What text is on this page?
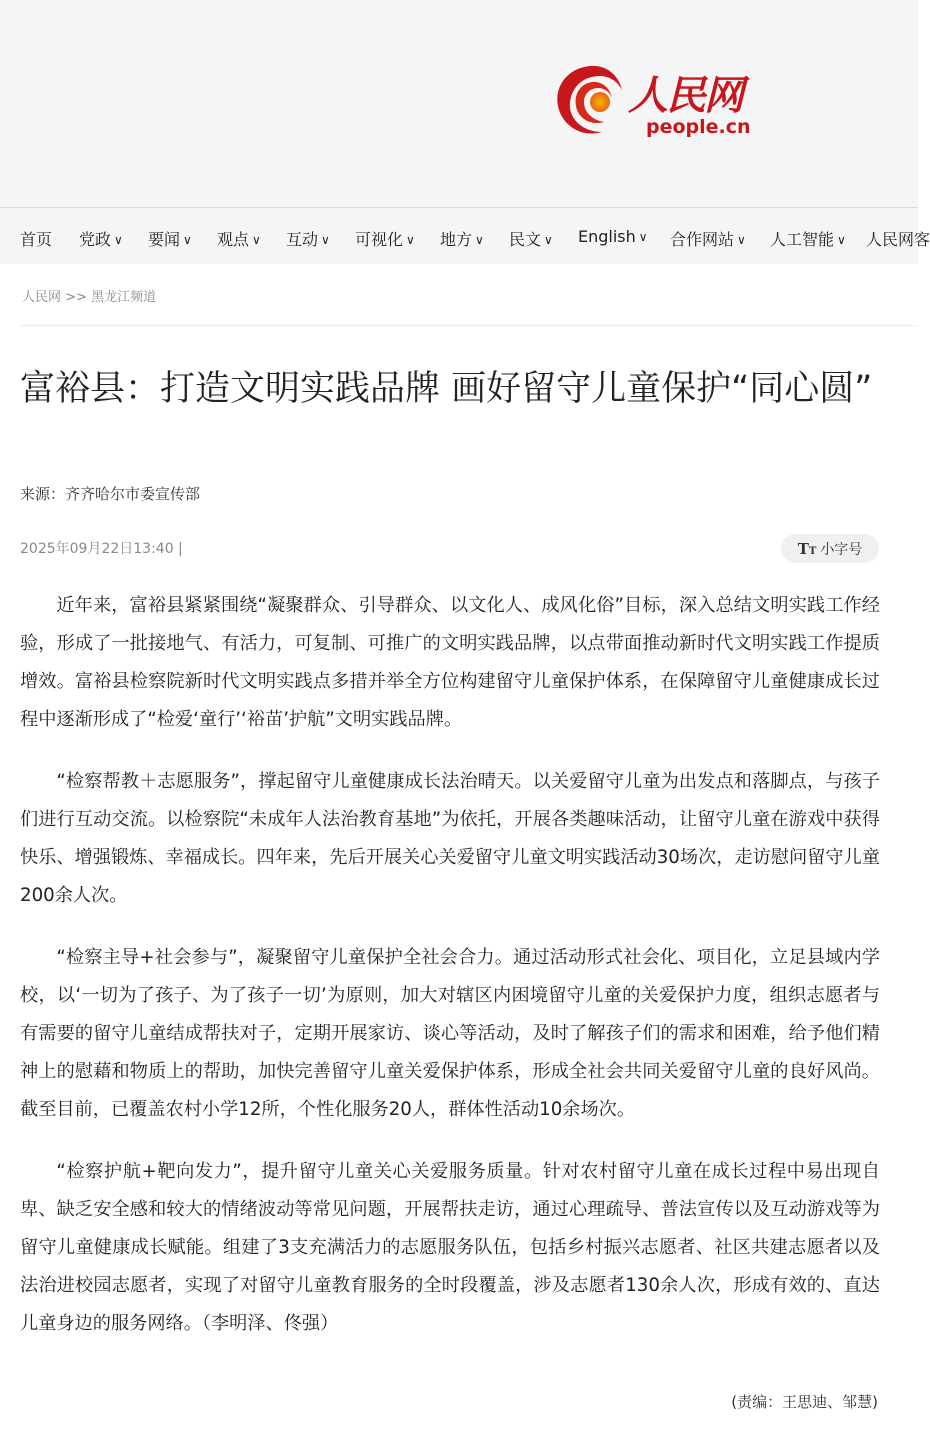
人民网
people.cn
首页 党政 ∨ 要闻 ∨ 观点 ∨ 互动 ∨ 可视化 ∨ 地方 ∨ 民文 ∨ English ∨ 合作网站 ∨ 人工智能 ∨ 人民网客
人民网 >> 黑龙江频道
富裕县：打造文明实践品牌 画好留守儿童保护“同心圆”
来源：齐齐哈尔市委宣传部
2025年09月22日13:40 |	TT 小字号

近年来，富裕县紧紧围绕“凝聚群众、引导群众、以文化人、成风化俗”目标，深入总结文明实践工作经验，形成了一批接地气、有活力，可复制、可推广的文明实践品牌，以点带面推动新时代文明实践工作提质增效。富裕县检察院新时代文明实践点多措并举全方位构建留守儿童保护体系，在保障留守儿童健康成长过程中逐渐形成了“检爱‘童行’‘裕苗’护航”文明实践品牌。

“检察帮教＋志愿服务”，撑起留守儿童健康成长法治晴天。以关爱留守儿童为出发点和落脚点，与孩子们进行互动交流。以检察院“未成年人法治教育基地”为依托，开展各类趣味活动，让留守儿童在游戏中获得快乐、增强锻炼、幸福成长。四年来，先后开展关心关爱留守儿童文明实践活动30场次，走访慰问留守儿童200余人次。

“检察主导+社会参与”，凝聚留守儿童保护全社会合力。通过活动形式社会化、项目化，立足县域内学校，以‘一切为了孩子、为了孩子一切’为原则，加大对辖区内困境留守儿童的关爱保护力度，组织志愿者与有需要的留守儿童结成帮扶对子，定期开展家访、谈心等活动，及时了解孩子们的需求和困难，给予他们精神上的慰藉和物质上的帮助，加快完善留守儿童关爱保护体系，形成全社会共同关爱留守儿童的良好风尚。截至目前，已覆盖农村小学12所，个性化服务20人，群体性活动10余场次。

“检察护航+靶向发力”，提升留守儿童关心关爱服务质量。针对农村留守儿童在成长过程中易出现自卑、缺乏安全感和较大的情绪波动等常见问题，开展帮扶走访，通过心理疏导、普法宣传以及互动游戏等为留守儿童健康成长赋能。组建了3支充满活力的志愿服务队伍，包括乡村振兴志愿者、社区共建志愿者以及法治进校园志愿者，实现了对留守儿童教育服务的全时段覆盖，涉及志愿者130余人次，形成有效的、直达儿童身边的服务网络。（李明泽、佟强）

(责编：王思迪、邹慧)
